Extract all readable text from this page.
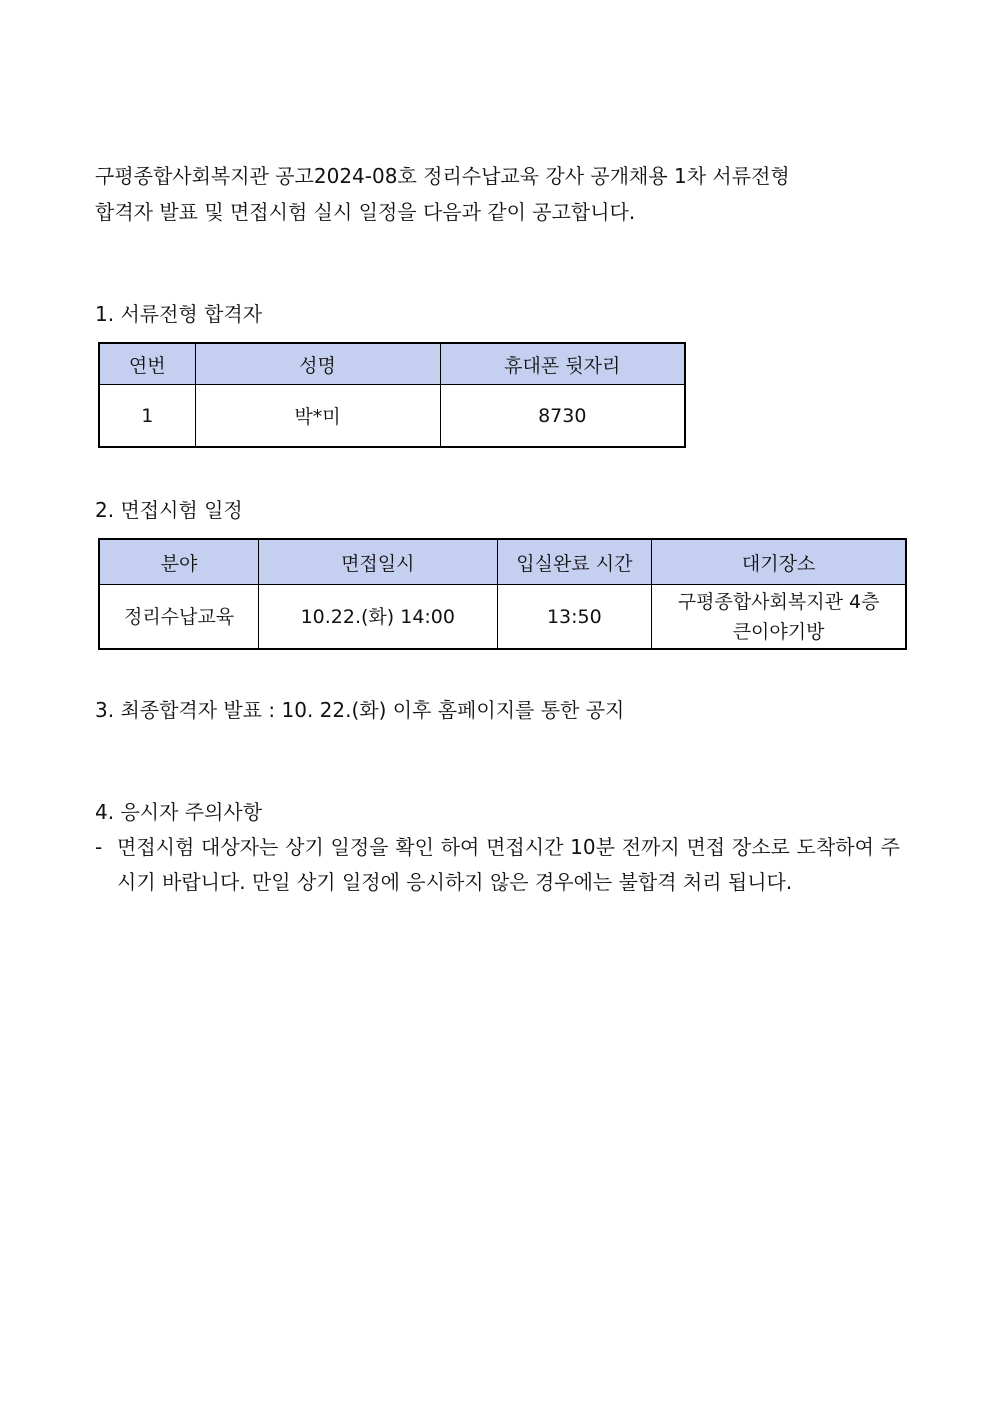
구평종합사회복지관 공고2024-08호 정리수납교육 강사 공개채용 1차 서류전형

합격자 발표 및 면접시험 실시 일정을 다음과 같이 공고합니다.

1. 서류전형 합격자
연번	성명	휴대폰 뒷자리
1	박*미	8730
2. 면접시험 일정
분야	면접일시	입실완료 시간	대기장소
정리수납교육	10.22.(화) 14:00	13:50	구평종합사회복지관 4층
큰이야기방
3. 최종합격자 발표 : 10. 22.(화) 이후 홈페이지를 통한 공지
4. 응시자 주의사항
- 면접시험 대상자는 상기 일정을 확인 하여 면접시간 10분 전까지 면접 장소로 도착하여 주시기 바랍니다. 만일 상기 일정에 응시하지 않은 경우에는 불합격 처리 됩니다.
